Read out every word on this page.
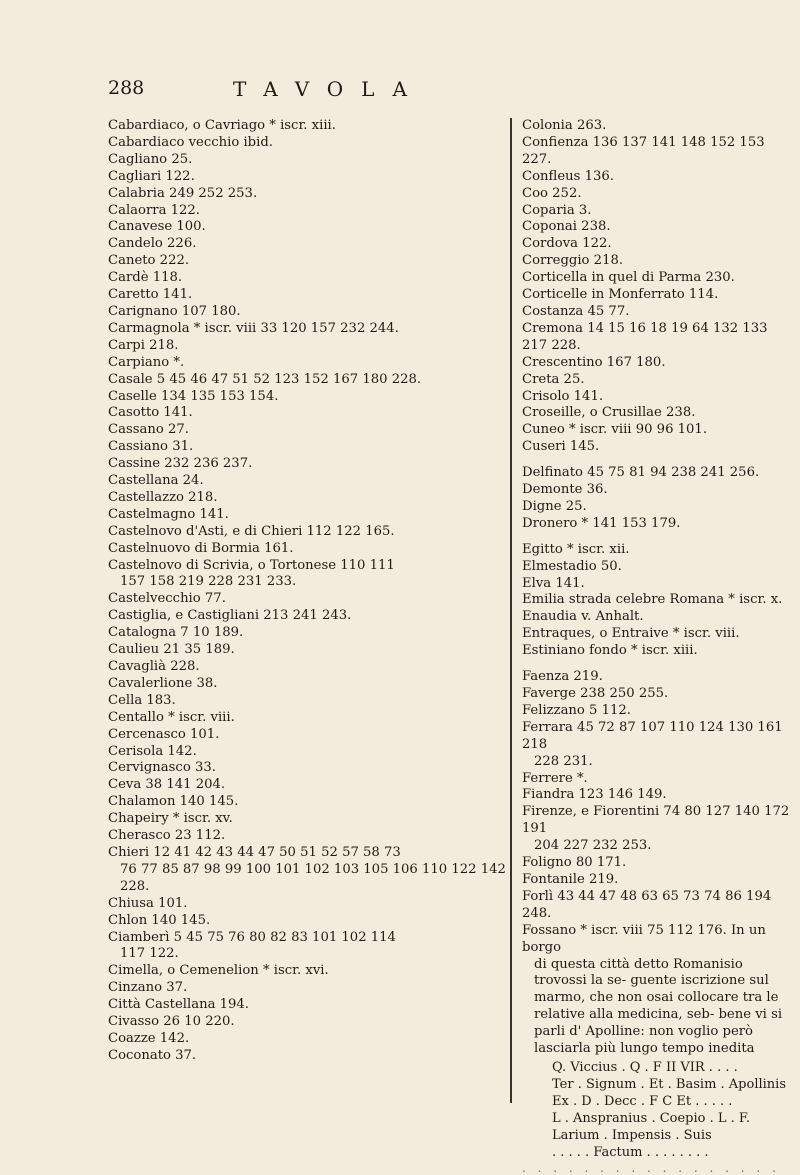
288	TAVOLA
Cabardiaco, o Cavriago * iscr. xiii.
Cabardiaco vecchio ibid.
Cagliano 25.
Cagliari 122.
Calabria 249 252 253.
Calaorra 122.
Canavese 100.
Candelo 226.
Caneto 222.
Cardè 118.
Caretto 141.
Carignano 107 180.
Carmagnola * iscr. viii 33 120 157 232 244.
Carpi 218.
Carpiano *.
Casale 5 45 46 47 51 52 123 152 167 180 228.
Caselle 134 135 153 154.
Casotto 141.
Cassano 27.
Cassiano 31.
Cassine 232 236 237.
Castellana 24.
Castellazzo 218.
Castelmagno 141.
Castelnovo d'Asti, e di Chieri 112 122 165.
Castelnuovo di Bormia 161.
Castelnovo di Scrivia, o Tortonese 110 111
157 158 219 228 231 233.
Castelvecchio 77.
Castiglia, e Castigliani 213 241 243.
Catalogna 7 10 189.
Caulieu 21 35 189.
Cavaglià 228.
Cavalerlione 38.
Cella 183.
Centallo * iscr. viii.
Cercenasco 101.
Cerisola 142.
Cervignasco 33.
Ceva 38 141 204.
Chalamon 140 145.
Chapeiry * iscr. xv.
Cherasco 23 112.
Chieri 12 41 42 43 44 47 50 51 52 57 58 73
76 77 85 87 98 99 100 101 102 103 105 106 110 122 142 228.
Chiusa 101.
Chlon 140 145.
Ciamberì 5 45 75 76 80 82 83 101 102 114
117 122.
Cimella, o Cemenelion * iscr. xvi.
Cinzano 37.
Città Castellana 194.
Civasso 26 10 220.
Coazze 142.
Coconato 37.
Colonia 263.
Confienza 136 137 141 148 152 153 227.
Confleus 136.
Coo 252.
Coparia 3.
Coponai 238.
Cordova 122.
Correggio 218.
Corticella in quel di Parma 230.
Corticelle in Monferrato 114.
Costanza 45 77.
Cremona 14 15 16 18 19 64 132 133 217 228.
Crescentino 167 180.
Creta 25.
Crisolo 141.
Croseille, o Crusillae 238.
Cuneo * iscr. viii 90 96 101.
Cuseri 145.
Delfinato 45 75 81 94 238 241 256.
Demonte 36.
Digne 25.
Dronero * 141 153 179.
Egitto * iscr. xii.
Elmestadio 50.
Elva 141.
Emilia strada celebre Romana * iscr. x.
Enaudia v. Anhalt.
Entraques, o Entraive * iscr. viii.
Estiniano fondo * iscr. xiii.
Faenza 219.
Faverge 238 250 255.
Felizzano 5 112.
Ferrara 45 72 87 107 110 124 130 161 218
228 231.
Ferrere *.
Fiandra 123 146 149.
Firenze, e Fiorentini 74 80 127 140 172 191
204 227 232 253.
Foligno 80 171.
Fontanile 219.
Forlì 43 44 47 48 63 65 73 74 86 194 248.
Fossano * iscr. viii 75 112 176. In un borgo
di questa città detto Romanisio trovossi la se- guente iscrizione sul marmo, che non osai collocare tra le relative alla medicina, seb- bene vi si parli d' Apolline: non voglio però lasciarla più lungo tempo inedita
Q. Viccius . Q . F II VIR . . . .
Ter . Signum . Et . Basim . Apollinis
Ex . D . Decc . F C Et . . . . .
L . Anspranius . Coepio . L . F.
Larium . Impensis . Suis
. . . . . Factum . . . . . . . .
. . . . . . . . . . . . . . . . .
